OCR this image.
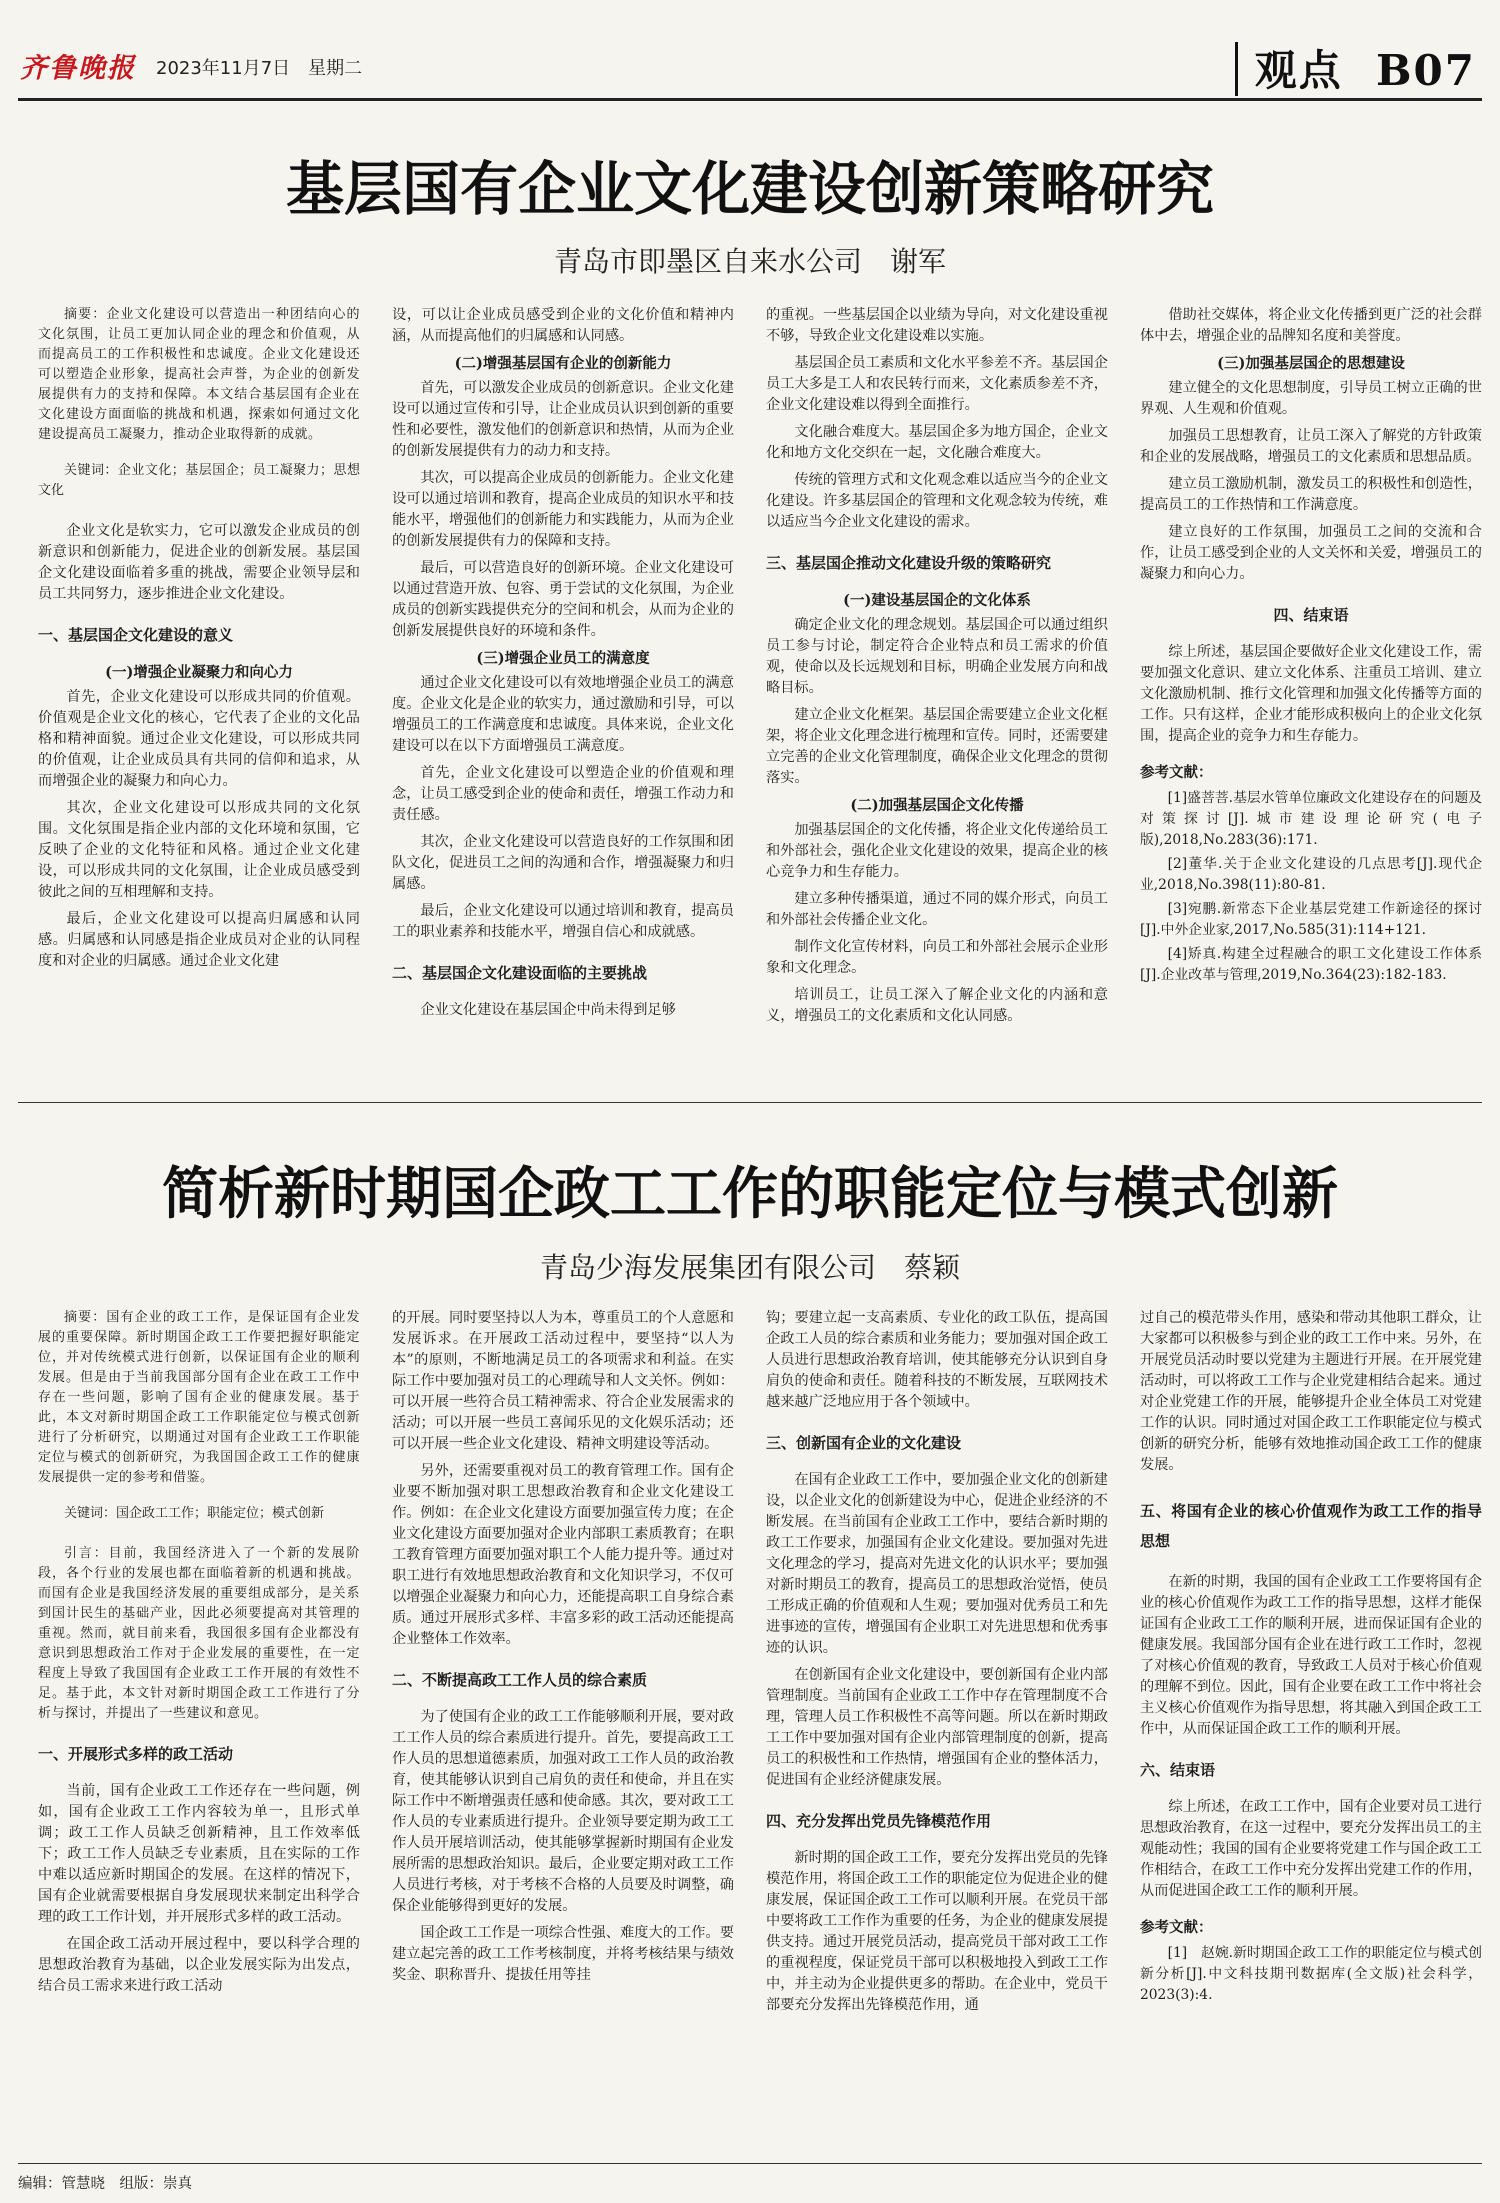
齐鲁晚报 2023年11月7日　星期二	观点 B07
基层国有企业文化建设创新策略研究
青岛市即墨区自来水公司　谢军

摘要：企业文化建设可以营造出一种团结向心的文化氛围，让员工更加认同企业的理念和价值观，从而提高员工的工作积极性和忠诚度。企业文化建设还可以塑造企业形象，提高社会声誉，为企业的创新发展提供有力的支持和保障。本文结合基层国有企业在文化建设方面面临的挑战和机遇，探索如何通过文化建设提高员工凝聚力，推动企业取得新的成就。

关键词：企业文化；基层国企；员工凝聚力；思想文化

企业文化是软实力，它可以激发企业成员的创新意识和创新能力，促进企业的创新发展。基层国企文化建设面临着多重的挑战，需要企业领导层和员工共同努力，逐步推进企业文化建设。

一、基层国企文化建设的意义
(一)增强企业凝聚力和向心力

首先，企业文化建设可以形成共同的价值观。价值观是企业文化的核心，它代表了企业的文化品格和精神面貌。通过企业文化建设，可以形成共同的价值观，让企业成员具有共同的信仰和追求，从而增强企业的凝聚力和向心力。

其次，企业文化建设可以形成共同的文化氛围。文化氛围是指企业内部的文化环境和氛围，它反映了企业的文化特征和风格。通过企业文化建设，可以形成共同的文化氛围，让企业成员感受到彼此之间的互相理解和支持。

最后，企业文化建设可以提高归属感和认同感。归属感和认同感是指企业成员对企业的认同程度和对企业的归属感。通过企业文化建

设，可以让企业成员感受到企业的文化价值和精神内涵，从而提高他们的归属感和认同感。

(二)增强基层国有企业的创新能力

首先，可以激发企业成员的创新意识。企业文化建设可以通过宣传和引导，让企业成员认识到创新的重要性和必要性，激发他们的创新意识和热情，从而为企业的创新发展提供有力的动力和支持。

其次，可以提高企业成员的创新能力。企业文化建设可以通过培训和教育，提高企业成员的知识水平和技能水平，增强他们的创新能力和实践能力，从而为企业的创新发展提供有力的保障和支持。

最后，可以营造良好的创新环境。企业文化建设可以通过营造开放、包容、勇于尝试的文化氛围，为企业成员的创新实践提供充分的空间和机会，从而为企业的创新发展提供良好的环境和条件。

(三)增强企业员工的满意度

通过企业文化建设可以有效地增强企业员工的满意度。企业文化是企业的软实力，通过激励和引导，可以增强员工的工作满意度和忠诚度。具体来说，企业文化建设可以在以下方面增强员工满意度。

首先，企业文化建设可以塑造企业的价值观和理念，让员工感受到企业的使命和责任，增强工作动力和责任感。

其次，企业文化建设可以营造良好的工作氛围和团队文化，促进员工之间的沟通和合作，增强凝聚力和归属感。

最后，企业文化建设可以通过培训和教育，提高员工的职业素养和技能水平，增强自信心和成就感。

二、基层国企文化建设面临的主要挑战

企业文化建设在基层国企中尚未得到足够

的重视。一些基层国企以业绩为导向，对文化建设重视不够，导致企业文化建设难以实施。

基层国企员工素质和文化水平参差不齐。基层国企员工大多是工人和农民转行而来，文化素质参差不齐，企业文化建设难以得到全面推行。

文化融合难度大。基层国企多为地方国企，企业文化和地方文化交织在一起，文化融合难度大。

传统的管理方式和文化观念难以适应当今的企业文化建设。许多基层国企的管理和文化观念较为传统，难以适应当今企业文化建设的需求。

三、基层国企推动文化建设升级的策略研究
(一)建设基层国企的文化体系

确定企业文化的理念规划。基层国企可以通过组织员工参与讨论，制定符合企业特点和员工需求的价值观，使命以及长远规划和目标，明确企业发展方向和战略目标。

建立企业文化框架。基层国企需要建立企业文化框架，将企业文化理念进行梳理和宣传。同时，还需要建立完善的企业文化管理制度，确保企业文化理念的贯彻落实。

(二)加强基层国企文化传播

加强基层国企的文化传播，将企业文化传递给员工和外部社会，强化企业文化建设的效果，提高企业的核心竞争力和生存能力。

建立多种传播渠道，通过不同的媒介形式，向员工和外部社会传播企业文化。

制作文化宣传材料，向员工和外部社会展示企业形象和文化理念。

培训员工，让员工深入了解企业文化的内涵和意义，增强员工的文化素质和文化认同感。

借助社交媒体，将企业文化传播到更广泛的社会群体中去，增强企业的品牌知名度和美誉度。

(三)加强基层国企的思想建设

建立健全的文化思想制度，引导员工树立正确的世界观、人生观和价值观。

加强员工思想教育，让员工深入了解党的方针政策和企业的发展战略，增强员工的文化素质和思想品质。

建立员工激励机制，激发员工的积极性和创造性，提高员工的工作热情和工作满意度。

建立良好的工作氛围，加强员工之间的交流和合作，让员工感受到企业的人文关怀和关爱，增强员工的凝聚力和向心力。

四、结束语

综上所述，基层国企要做好企业文化建设工作，需要加强文化意识、建立文化体系、注重员工培训、建立文化激励机制、推行文化管理和加强文化传播等方面的工作。只有这样，企业才能形成积极向上的企业文化氛围，提高企业的竞争力和生存能力。

参考文献：

[1]盛菩菩.基层水管单位廉政文化建设存在的问题及对策探讨[J].城市建设理论研究(电子版),2018,No.283(36):171.

[2]董华.关于企业文化建设的几点思考[J].现代企业,2018,No.398(11):80-81.

[3]宛鹏.新常态下企业基层党建工作新途径的探讨[J].中外企业家,2017,No.585(31):114+121.

[4]矫真.构建全过程融合的职工文化建设工作体系[J].企业改革与管理,2019,No.364(23):182-183.

简析新时期国企政工工作的职能定位与模式创新
青岛少海发展集团有限公司　蔡颖

摘要：国有企业的政工工作，是保证国有企业发展的重要保障。新时期国企政工工作要把握好职能定位，并对传统模式进行创新，以保证国有企业的顺利发展。但是由于当前我国部分国有企业在政工工作中存在一些问题，影响了国有企业的健康发展。基于此，本文对新时期国企政工工作职能定位与模式创新进行了分析研究，以期通过对国有企业政工工作职能定位与模式的创新研究，为我国国企政工工作的健康发展提供一定的参考和借鉴。

关键词：国企政工工作；职能定位；模式创新

引言：目前，我国经济进入了一个新的发展阶段，各个行业的发展也都在面临着新的机遇和挑战。而国有企业是我国经济发展的重要组成部分，是关系到国计民生的基础产业，因此必须要提高对其管理的重视。然而，就目前来看，我国很多国有企业都没有意识到思想政治工作对于企业发展的重要性，在一定程度上导致了我国国有企业政工工作开展的有效性不足。基于此，本文针对新时期国企政工工作进行了分析与探讨，并提出了一些建议和意见。

一、开展形式多样的政工活动

当前，国有企业政工工作还存在一些问题，例如，国有企业政工工作内容较为单一，且形式单调；政工工作人员缺乏创新精神，且工作效率低下；政工工作人员缺乏专业素质，且在实际的工作中难以适应新时期国企的发展。在这样的情况下，国有企业就需要根据自身发展现状来制定出科学合理的政工工作计划，并开展形式多样的政工活动。

在国企政工活动开展过程中，要以科学合理的思想政治教育为基础，以企业发展实际为出发点，结合员工需求来进行政工活动

的开展。同时要坚持以人为本，尊重员工的个人意愿和发展诉求。在开展政工活动过程中，要坚持“以人为本”的原则，不断地满足员工的各项需求和利益。在实际工作中要加强对员工的心理疏导和人文关怀。例如：可以开展一些符合员工精神需求、符合企业发展需求的活动；可以开展一些员工喜闻乐见的文化娱乐活动；还可以开展一些企业文化建设、精神文明建设等活动。

另外，还需要重视对员工的教育管理工作。国有企业要不断加强对职工思想政治教育和企业文化建设工作。例如：在企业文化建设方面要加强宣传力度；在企业文化建设方面要加强对企业内部职工素质教育；在职工教育管理方面要加强对职工个人能力提升等。通过对职工进行有效地思想政治教育和文化知识学习，不仅可以增强企业凝聚力和向心力，还能提高职工自身综合素质。通过开展形式多样、丰富多彩的政工活动还能提高企业整体工作效率。

二、不断提高政工工作人员的综合素质

为了使国有企业的政工工作能够顺利开展，要对政工工作人员的综合素质进行提升。首先，要提高政工工作人员的思想道德素质，加强对政工工作人员的政治教育，使其能够认识到自己肩负的责任和使命，并且在实际工作中不断增强责任感和使命感。其次，要对政工工作人员的专业素质进行提升。企业领导要定期为政工工作人员开展培训活动，使其能够掌握新时期国有企业发展所需的思想政治知识。最后，企业要定期对政工工作人员进行考核，对于考核不合格的人员要及时调整，确保企业能够得到更好的发展。

国企政工工作是一项综合性强、难度大的工作。要建立起完善的政工工作考核制度，并将考核结果与绩效奖金、职称晋升、提拔任用等挂

钩；要建立起一支高素质、专业化的政工队伍，提高国企政工人员的综合素质和业务能力；要加强对国企政工人员进行思想政治教育培训，使其能够充分认识到自身肩负的使命和责任。随着科技的不断发展，互联网技术越来越广泛地应用于各个领域中。

三、创新国有企业的文化建设

在国有企业政工工作中，要加强企业文化的创新建设，以企业文化的创新建设为中心，促进企业经济的不断发展。在当前国有企业政工工作中，要结合新时期的政工工作要求，加强国有企业文化建设。要加强对先进文化理念的学习，提高对先进文化的认识水平；要加强对新时期员工的教育，提高员工的思想政治觉悟，使员工形成正确的价值观和人生观；要加强对优秀员工和先进事迹的宣传，增强国有企业职工对先进思想和优秀事迹的认识。

在创新国有企业文化建设中，要创新国有企业内部管理制度。当前国有企业政工工作中存在管理制度不合理，管理人员工作积极性不高等问题。所以在新时期政工工作中要加强对国有企业内部管理制度的创新，提高员工的积极性和工作热情，增强国有企业的整体活力，促进国有企业经济健康发展。

四、充分发挥出党员先锋模范作用

新时期的国企政工工作，要充分发挥出党员的先锋模范作用，将国企政工工作的职能定位为促进企业的健康发展，保证国企政工工作可以顺利开展。在党员干部中要将政工工作作为重要的任务，为企业的健康发展提供支持。通过开展党员活动，提高党员干部对政工工作的重视程度，保证党员干部可以积极地投入到政工工作中，并主动为企业提供更多的帮助。在企业中，党员干部要充分发挥出先锋模范作用，通

过自己的模范带头作用，感染和带动其他职工群众，让大家都可以积极参与到企业的政工工作中来。另外，在开展党员活动时要以党建为主题进行开展。在开展党建活动时，可以将政工工作与企业党建相结合起来。通过对企业党建工作的开展，能够提升企业全体员工对党建工作的认识。同时通过对国企政工工作职能定位与模式创新的研究分析，能够有效地推动国企政工工作的健康发展。

五、将国有企业的核心价值观作为政工工作的指导思想

在新的时期，我国的国有企业政工工作要将国有企业的核心价值观作为政工工作的指导思想，这样才能保证国有企业政工工作的顺利开展，进而保证国有企业的健康发展。我国部分国有企业在进行政工工作时，忽视了对核心价值观的教育，导致政工人员对于核心价值观的理解不到位。因此，国有企业要在政工工作中将社会主义核心价值观作为指导思想，将其融入到国企政工工作中，从而保证国企政工工作的顺利开展。

六、结束语

综上所述，在政工工作中，国有企业要对员工进行思想政治教育，在这一过程中，要充分发挥出员工的主观能动性；我国的国有企业要将党建工作与国企政工工作相结合，在政工工作中充分发挥出党建工作的作用，从而促进国企政工工作的顺利开展。

参考文献：

[1]　赵婉.新时期国企政工工作的职能定位与模式创新分析[J].中文科技期刊数据库(全文版)社会科学，2023(3):4.

编辑：管慧晓　组版：崇真
